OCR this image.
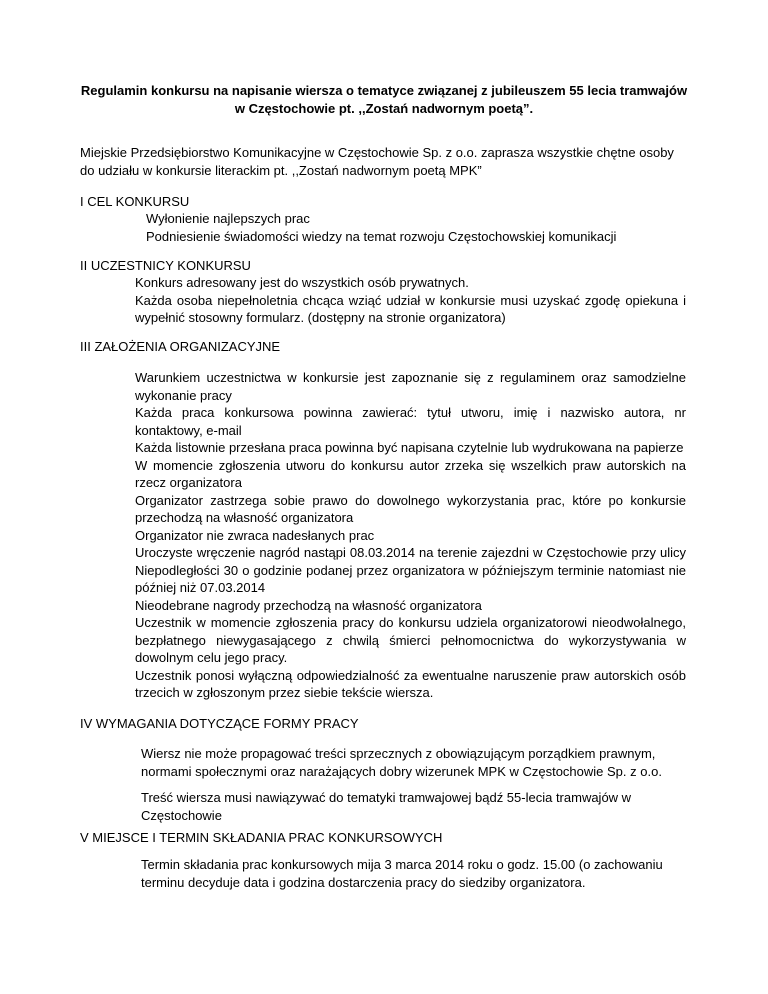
Regulamin konkursu na napisanie wiersza o tematyce związanej z jubileuszem 55 lecia tramwajów
w Częstochowie pt. ,,Zostań nadwornym poetą”.
Miejskie Przedsiębiorstwo Komunikacyjne w Częstochowie Sp. z o.o. zaprasza wszystkie chętne osoby do udziału w konkursie literackim pt. ,,Zostań nadwornym poetą MPK”
I CEL KONKURSU

Wyłonienie najlepszych prac

Podniesienie świadomości wiedzy na temat rozwoju Częstochowskiej komunikacji

II UCZESTNICY KONKURSU

Konkurs adresowany jest do wszystkich osób prywatnych.

Każda osoba niepełnoletnia chcąca wziąć udział w konkursie musi uzyskać zgodę opiekuna i wypełnić stosowny formularz. (dostępny na stronie organizatora)

III ZAŁOŻENIA ORGANIZACYJNE

Warunkiem uczestnictwa w konkursie jest zapoznanie się z regulaminem oraz samodzielne wykonanie pracy

Każda praca konkursowa powinna zawierać: tytuł utworu, imię i nazwisko autora, nr kontaktowy, e-mail

Każda listownie przesłana praca powinna być napisana czytelnie lub wydrukowana na papierze

W momencie zgłoszenia utworu do konkursu autor zrzeka się wszelkich praw autorskich na rzecz organizatora

Organizator zastrzega sobie prawo do dowolnego wykorzystania prac, które po konkursie przechodzą na własność organizatora

Organizator nie zwraca nadesłanych prac

Uroczyste wręczenie nagród nastąpi 08.03.2014 na terenie zajezdni w Częstochowie przy ulicy Niepodległości 30 o godzinie podanej przez organizatora w późniejszym terminie natomiast nie później niż 07.03.2014

Nieodebrane nagrody przechodzą na własność organizatora

Uczestnik w momencie zgłoszenia pracy do konkursu udziela organizatorowi nieodwołalnego, bezpłatnego niewygasającego z chwilą śmierci pełnomocnictwa do wykorzystywania w dowolnym celu jego pracy.

Uczestnik ponosi wyłączną odpowiedzialność za ewentualne naruszenie praw autorskich osób trzecich w zgłoszonym przez siebie tekście wiersza.

IV WYMAGANIA DOTYCZĄCE FORMY PRACY

Wiersz nie może propagować treści sprzecznych z obowiązującym porządkiem prawnym, normami społecznymi oraz narażających dobry wizerunek MPK w Częstochowie Sp. z o.o.

Treść wiersza musi nawiązywać do tematyki tramwajowej bądź 55-lecia tramwajów w Częstochowie

V MIEJSCE I TERMIN SKŁADANIA PRAC KONKURSOWYCH

Termin składania prac konkursowych mija 3 marca 2014 roku o godz. 15.00 (o zachowaniu terminu decyduje data i godzina dostarczenia pracy do siedziby organizatora.
